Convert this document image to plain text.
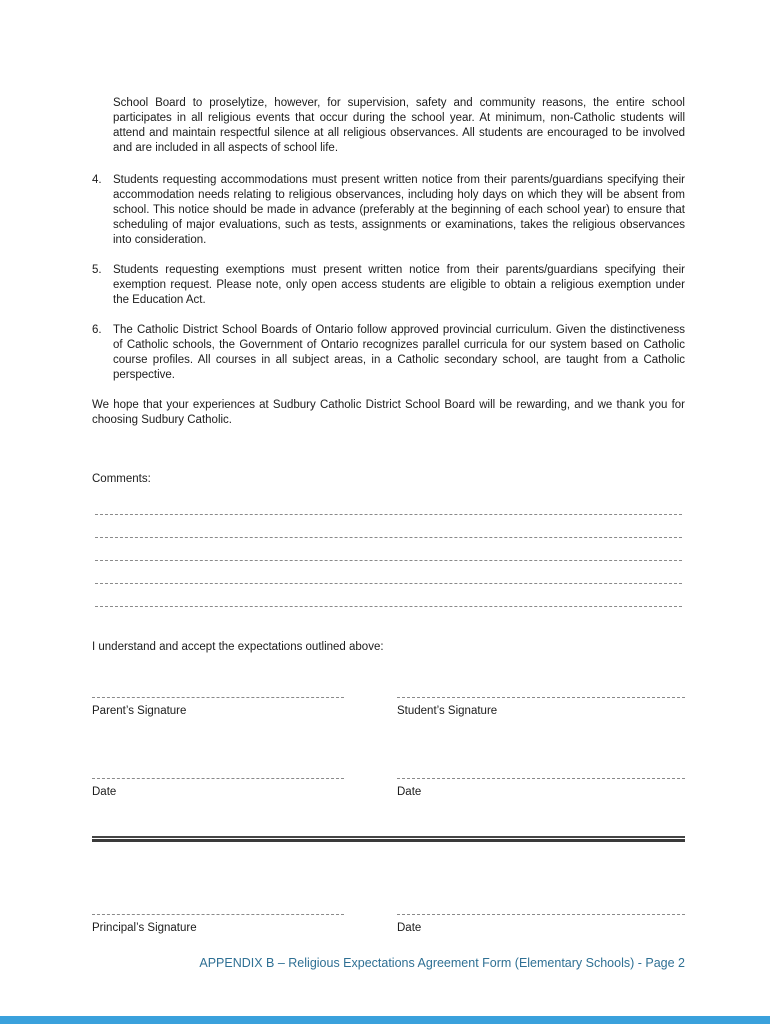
School Board to proselytize, however, for supervision, safety and community reasons, the entire school participates in all religious events that occur during the school year. At minimum, non-Catholic students will attend and maintain respectful silence at all religious observances. All students are encouraged to be involved and are included in all aspects of school life.

4. Students requesting accommodations must present written notice from their parents/guardians specifying their accommodation needs relating to religious observances, including holy days on which they will be absent from school. This notice should be made in advance (preferably at the beginning of each school year) to ensure that scheduling of major evaluations, such as tests, assignments or examinations, takes the religious observances into consideration.
5. Students requesting exemptions must present written notice from their parents/guardians specifying their exemption request. Please note, only open access students are eligible to obtain a religious exemption under the Education Act.
6. The Catholic District School Boards of Ontario follow approved provincial curriculum. Given the distinctiveness of Catholic schools, the Government of Ontario recognizes parallel curricula for our system based on Catholic course profiles. All courses in all subject areas, in a Catholic secondary school, are taught from a Catholic perspective.

We hope that your experiences at Sudbury Catholic District School Board will be rewarding, and we thank you for choosing Sudbury Catholic.

Comments:
I understand and accept the expectations outlined above:
Parent’s Signature	Student’s Signature
Date	Date
Principal’s Signature	Date
APPENDIX B – Religious Expectations Agreement Form (Elementary Schools) - Page 2
